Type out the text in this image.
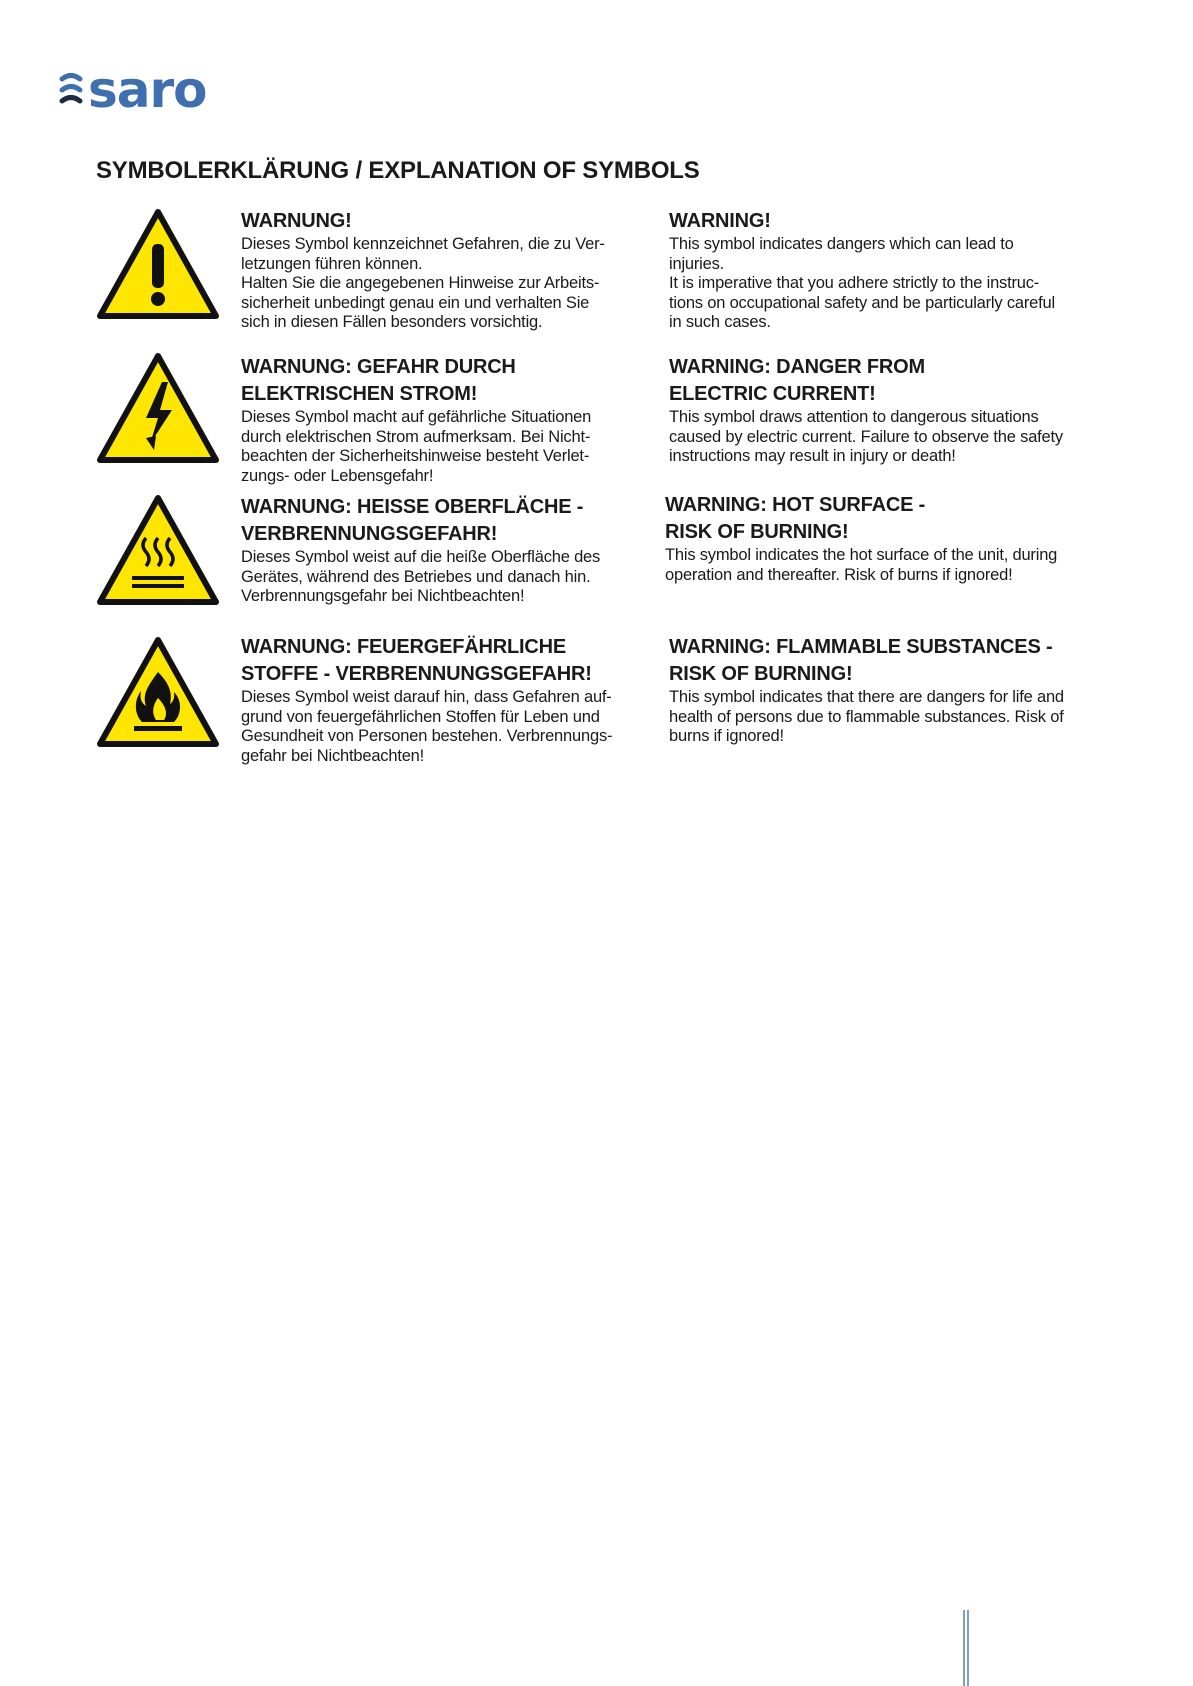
saro
SYMBOLERKLÄRUNG / EXPLANATION OF SYMBOLS

WARNUNG!

Dieses Symbol kennzeichnet Gefahren, die zu Ver-

letzungen führen können.

Halten Sie die angegebenen Hinweise zur Arbeits-

sicherheit unbedingt genau ein und verhalten Sie

sich in diesen Fällen besonders vorsichtig.

WARNING!

This symbol indicates dangers which can lead to

injuries.

It is imperative that you adhere strictly to the instruc-

tions on occupational safety and be particularly careful

in such cases.

WARNUNG: GEFAHR DURCH

ELEKTRISCHEN STROM!

Dieses Symbol macht auf gefährliche Situationen

durch elektrischen Strom aufmerksam. Bei Nicht-

beachten der Sicherheitshinweise besteht Verlet-

zungs- oder Lebensgefahr!

WARNING: DANGER FROM

ELECTRIC CURRENT!

This symbol draws attention to dangerous situations

caused by electric current. Failure to observe the safety

instructions may result in injury or death!

WARNUNG: HEISSE OBERFLÄCHE -

VERBRENNUNGSGEFAHR!

Dieses Symbol weist auf die heiße Oberfläche des

Gerätes, während des Betriebes und danach hin.

Verbrennungsgefahr bei Nichtbeachten!

WARNING: HOT SURFACE -

RISK OF BURNING!

This symbol indicates the hot surface of the unit, during

operation and thereafter. Risk of burns if ignored!

WARNUNG: FEUERGEFÄHRLICHE

STOFFE - VERBRENNUNGSGEFAHR!

Dieses Symbol weist darauf hin, dass Gefahren auf-

grund von feuergefährlichen Stoffen für Leben und

Gesundheit von Personen bestehen. Verbrennungs-

gefahr bei Nichtbeachten!

WARNING: FLAMMABLE SUBSTANCES -

RISK OF BURNING!

This symbol indicates that there are dangers for life and

health of persons due to flammable substances. Risk of

burns if ignored!
